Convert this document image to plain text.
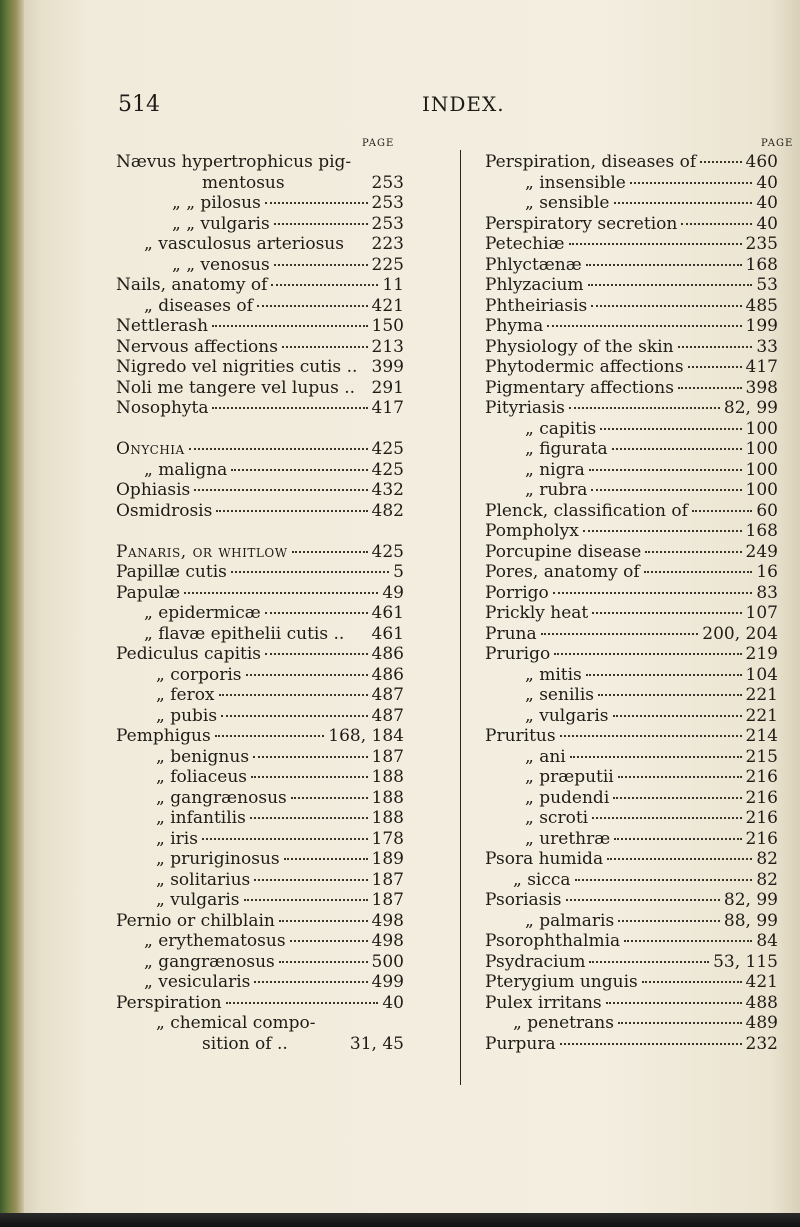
514	INDEX.
PAGE	PAGE
Nævus hypertrophicus pig-
mentosus	253
„ „ pilosus	253
„ „ vulgaris	253
„ vasculosus arteriosus 223
„ „ venosus	225
Nails, anatomy of	11
„ diseases of	421
Nettlerash	150
Nervous affections	213
Nigredo vel nigrities cutis .. 399
Noli me tangere vel lupus .. 291
Nosophyta	417
Onychia	425
„ maligna	425
Ophiasis	432
Osmidrosis	482
Panaris, or whitlow	425
Papillæ cutis	5
Papulæ	49
„ epidermicæ	461
„ flavæ epithelii cutis .. 461
Pediculus capitis	486
„ corporis	486
„ ferox	487
„ pubis	487
Pemphigus	168, 184
„ benignus	187
„ foliaceus	188
„ gangrænosus	188
„ infantilis	188
„ iris	178
„ pruriginosus	189
„ solitarius	187
„ vulgaris	187
Pernio or chilblain	498
„ erythematosus	498
„ gangrænosus	500
„ vesicularis	499
Perspiration	40
„ chemical compo-
sition of ..	31, 45
Perspiration, diseases of	460
„ insensible	40
„ sensible	40
Perspiratory secretion	40
Petechiæ	235
Phlyctænæ	168
Phlyzacium	53
Phtheiriasis	485
Phyma	199
Physiology of the skin	33
Phytodermic affections	417
Pigmentary affections	398
Pityriasis	82, 99
„ capitis	100
„ figurata	100
„ nigra	100
„ rubra	100
Plenck, classification of	60
Pompholyx	168
Porcupine disease	249
Pores, anatomy of	16
Porrigo	83
Prickly heat	107
Pruna	200, 204
Prurigo	219
„ mitis	104
„ senilis	221
„ vulgaris	221
Pruritus	214
„ ani	215
„ præputii	216
„ pudendi	216
„ scroti	216
„ urethræ	216
Psora humida	82
„ sicca	82
Psoriasis	82, 99
„ palmaris	88, 99
Psorophthalmia	84
Psydracium	53, 115
Pterygium unguis	421
Pulex irritans	488
„ penetrans	489
Purpura	232
